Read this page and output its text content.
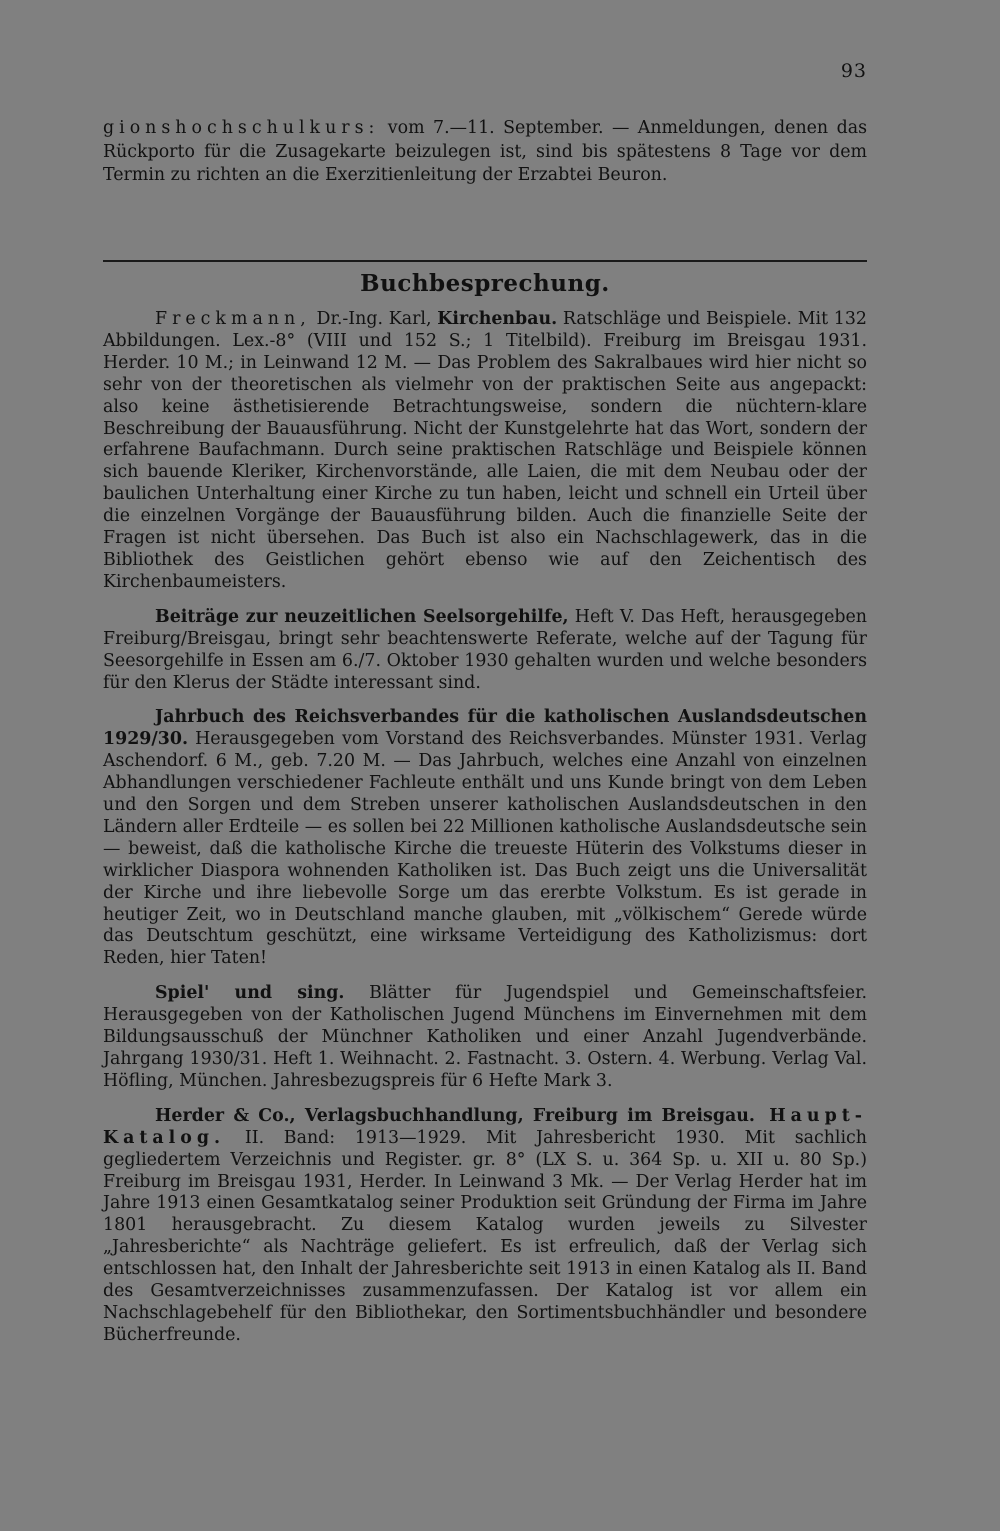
93
gionshochschulkurs: vom 7.—11. September. — Anmeldungen, denen das Rückporto für die Zusagekarte beizulegen ist, sind bis spätestens 8 Tage vor dem Termin zu richten an die Exerzitienleitung der Erzabtei Beuron.
Buchbesprechung.

Freckmann, Dr.-Ing. Karl, Kirchenbau. Ratschläge und Beispiele. Mit 132 Abbildungen. Lex.-8° (VIII und 152 S.; 1 Titelbild). Freiburg im Breisgau 1931. Herder. 10 M.; in Leinwand 12 M. — Das Problem des Sakralbaues wird hier nicht so sehr von der theoretischen als vielmehr von der praktischen Seite aus angepackt: also keine ästhetisierende Betrachtungsweise, sondern die nüchtern-klare Beschreibung der Bauausführung. Nicht der Kunstgelehrte hat das Wort, sondern der erfahrene Baufachmann. Durch seine praktischen Ratschläge und Beispiele können sich bauende Kleriker, Kirchenvorstände, alle Laien, die mit dem Neubau oder der baulichen Unterhaltung einer Kirche zu tun haben, leicht und schnell ein Urteil über die einzelnen Vorgänge der Bauausführung bilden. Auch die finanzielle Seite der Fragen ist nicht übersehen. Das Buch ist also ein Nachschlagewerk, das in die Bibliothek des Geistlichen gehört ebenso wie auf den Zeichentisch des Kirchenbaumeisters.

Beiträge zur neuzeitlichen Seelsorgehilfe, Heft V. Das Heft, herausgegeben Freiburg/Breisgau, bringt sehr beachtenswerte Referate, welche auf der Tagung für Seesorgehilfe in Essen am 6./7. Oktober 1930 gehalten wurden und welche besonders für den Klerus der Städte interessant sind.

Jahrbuch des Reichsverbandes für die katholischen Auslandsdeutschen 1929/30. Herausgegeben vom Vorstand des Reichsverbandes. Münster 1931. Verlag Aschendorf. 6 M., geb. 7.20 M. — Das Jahrbuch, welches eine Anzahl von einzelnen Abhandlungen verschiedener Fachleute enthält und uns Kunde bringt von dem Leben und den Sorgen und dem Streben unserer katholischen Auslandsdeutschen in den Ländern aller Erdteile — es sollen bei 22 Millionen katholische Auslandsdeutsche sein — beweist, daß die katholische Kirche die treueste Hüterin des Volkstums dieser in wirklicher Diaspora wohnenden Katholiken ist. Das Buch zeigt uns die Universalität der Kirche und ihre liebevolle Sorge um das ererbte Volkstum. Es ist gerade in heutiger Zeit, wo in Deutschland manche glauben, mit „völkischem“ Gerede würde das Deutschtum geschützt, eine wirksame Verteidigung des Katholizismus: dort Reden, hier Taten!

Spiel' und sing. Blätter für Jugendspiel und Gemeinschaftsfeier. Herausgegeben von der Katholischen Jugend Münchens im Einvernehmen mit dem Bildungsausschuß der Münchner Katholiken und einer Anzahl Jugendverbände. Jahrgang 1930/31. Heft 1. Weihnacht. 2. Fastnacht. 3. Ostern. 4. Werbung. Verlag Val. Höfling, München. Jahresbezugspreis für 6 Hefte Mark 3.

Herder & Co., Verlagsbuchhandlung, Freiburg im Breisgau. Haupt-Katalog. II. Band: 1913—1929. Mit Jahresbericht 1930. Mit sachlich gegliedertem Verzeichnis und Register. gr. 8° (LX S. u. 364 Sp. u. XII u. 80 Sp.) Freiburg im Breisgau 1931, Herder. In Leinwand 3 Mk. — Der Verlag Herder hat im Jahre 1913 einen Gesamtkatalog seiner Produktion seit Gründung der Firma im Jahre 1801 herausgebracht. Zu diesem Katalog wurden jeweils zu Silvester „Jahresberichte“ als Nachträge geliefert. Es ist erfreulich, daß der Verlag sich entschlossen hat, den Inhalt der Jahresberichte seit 1913 in einen Katalog als II. Band des Gesamtverzeichnisses zusammenzufassen. Der Katalog ist vor allem ein Nachschlagebehelf für den Bibliothekar, den Sortimentsbuchhändler und besondere Bücherfreunde.
